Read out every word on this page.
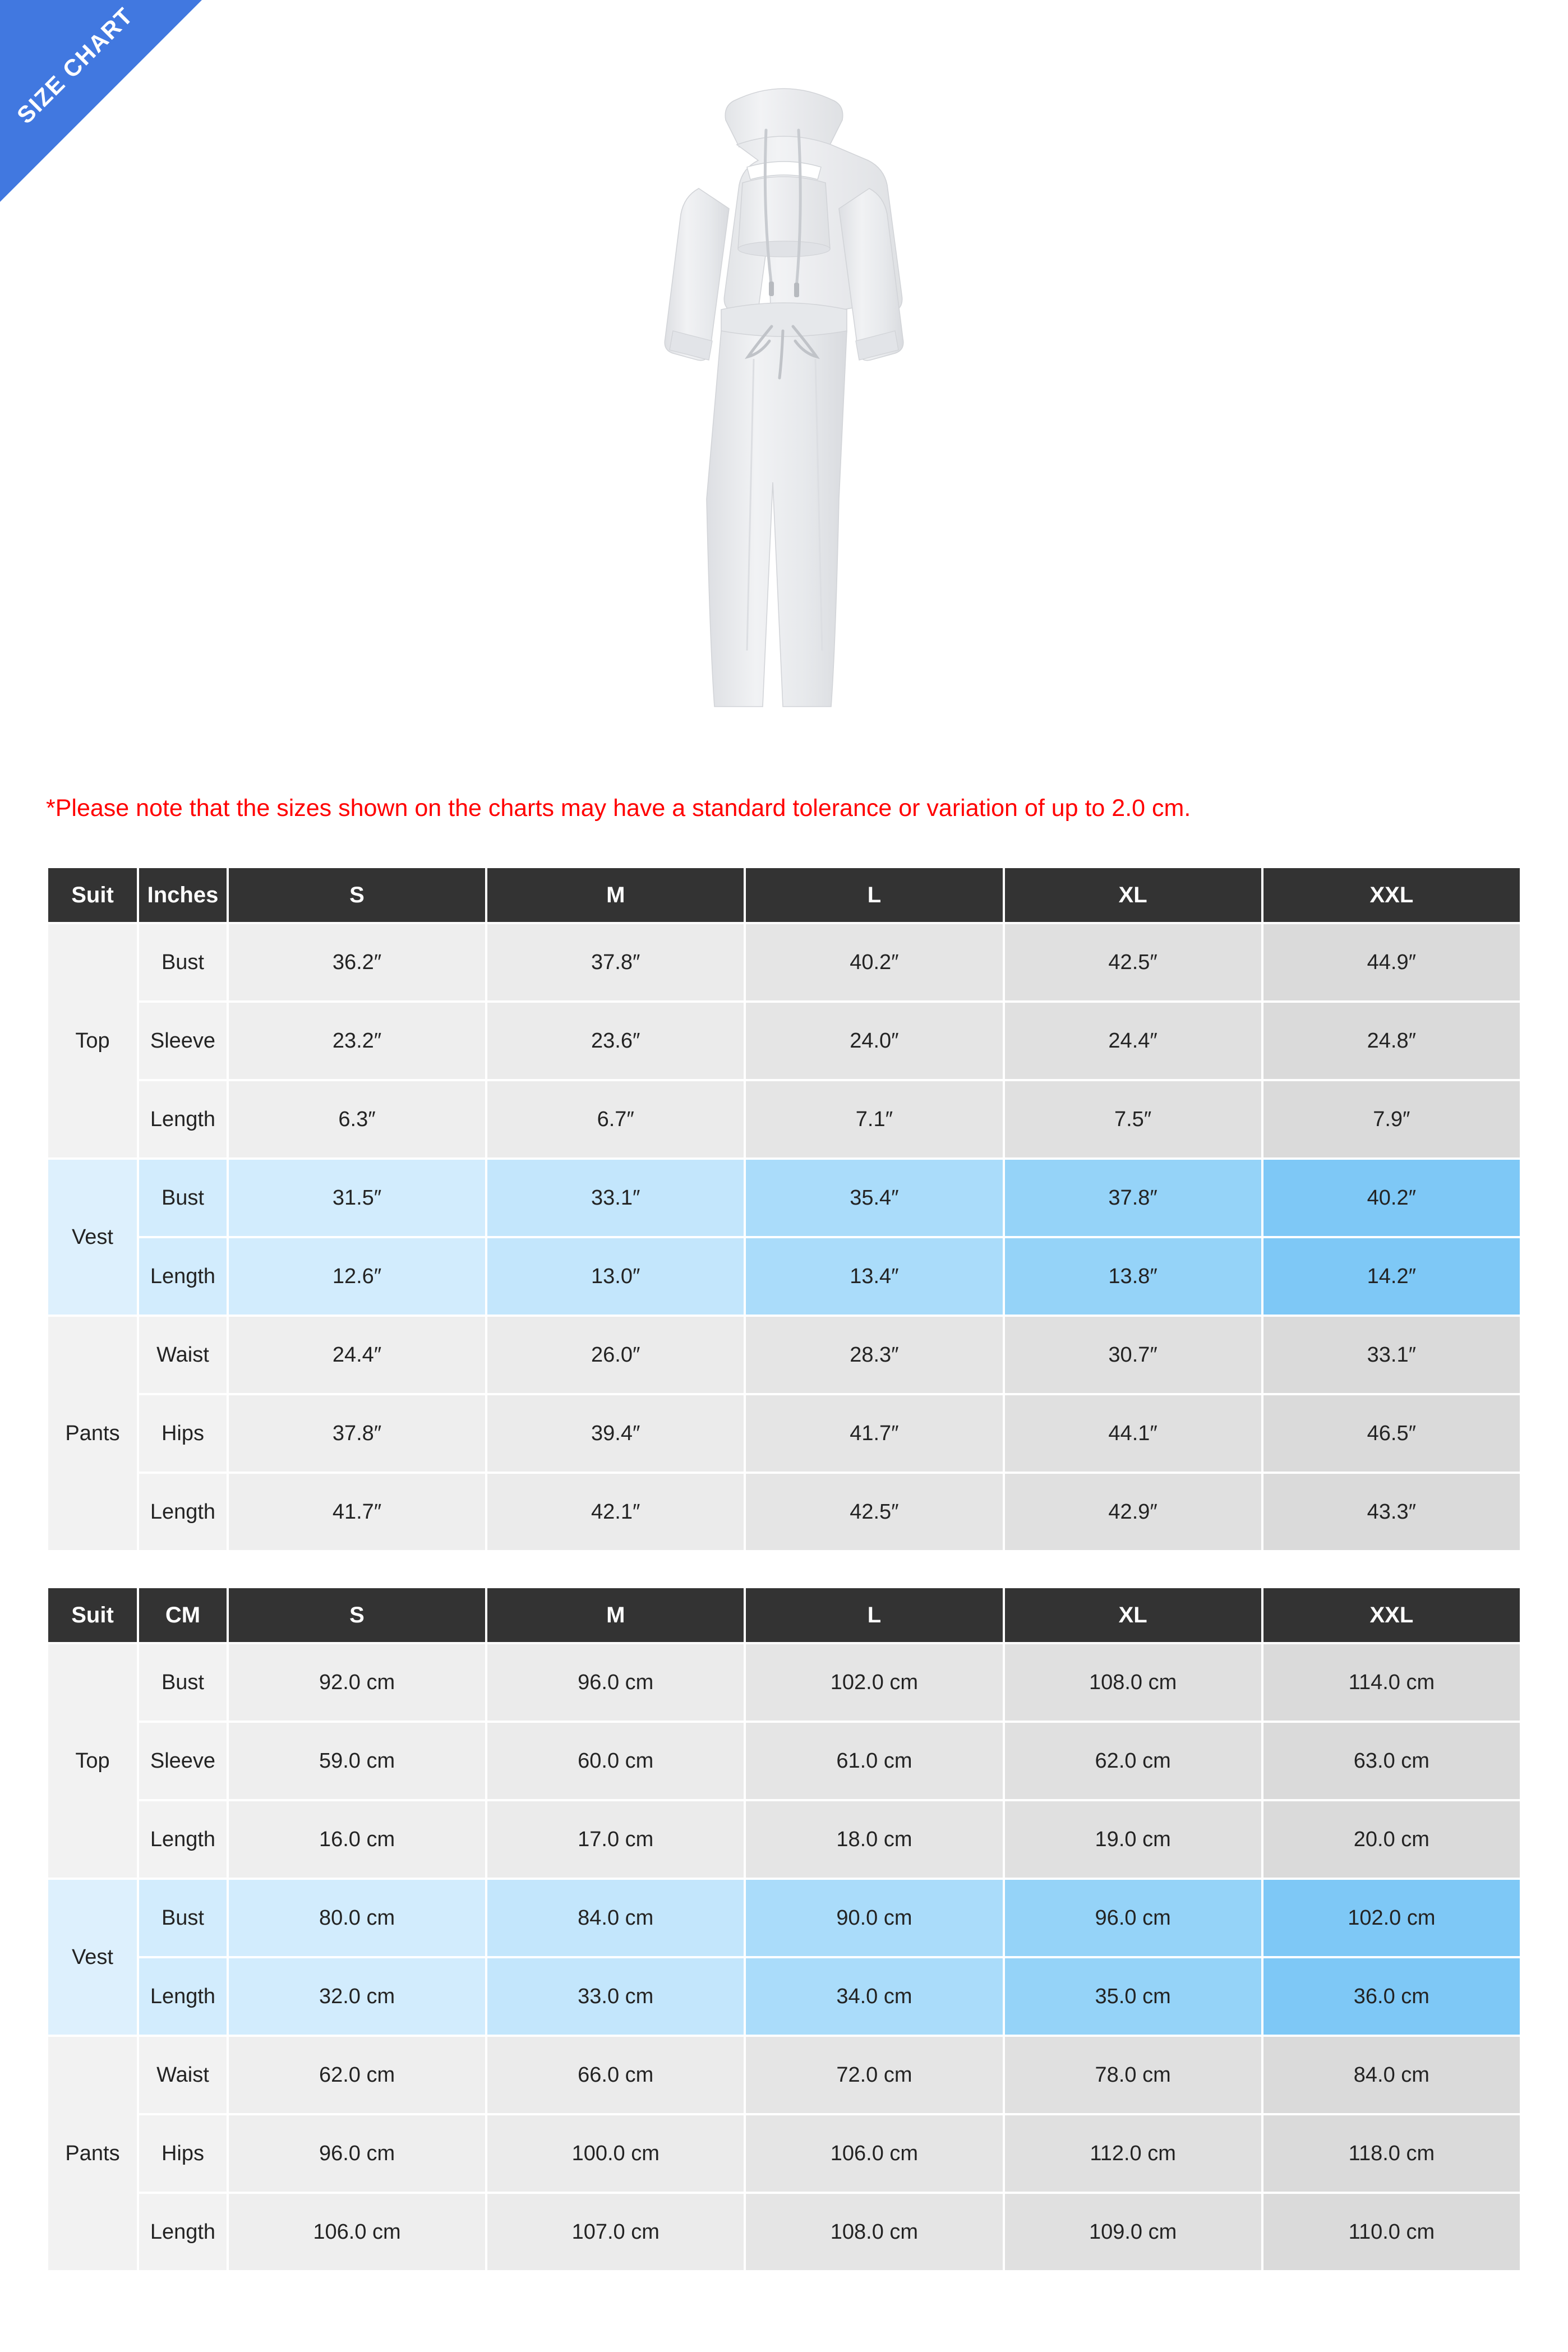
SIZE CHART
*Please note that the sizes shown on the charts may have a standard tolerance or variation of up to 2.0 cm.
Suit	Inches	S	M	L	XL	XXL
Top	Bust	36.2″	37.8″	40.2″	42.5″	44.9″
	Sleeve	23.2″	23.6″	24.0″	24.4″	24.8″
	Length	6.3″	6.7″	7.1″	7.5″	7.9″
Vest	Bust	31.5″	33.1″	35.4″	37.8″	40.2″
	Length	12.6″	13.0″	13.4″	13.8″	14.2″
Pants	Waist	24.4″	26.0″	28.3″	30.7″	33.1″
	Hips	37.8″	39.4″	41.7″	44.1″	46.5″
	Length	41.7″	42.1″	42.5″	42.9″	43.3″
Suit	CM	S	M	L	XL	XXL
Top	Bust	92.0 cm	96.0 cm	102.0 cm	108.0 cm	114.0 cm
	Sleeve	59.0 cm	60.0 cm	61.0 cm	62.0 cm	63.0 cm
	Length	16.0 cm	17.0 cm	18.0 cm	19.0 cm	20.0 cm
Vest	Bust	80.0 cm	84.0 cm	90.0 cm	96.0 cm	102.0 cm
	Length	32.0 cm	33.0 cm	34.0 cm	35.0 cm	36.0 cm
Pants	Waist	62.0 cm	66.0 cm	72.0 cm	78.0 cm	84.0 cm
	Hips	96.0 cm	100.0 cm	106.0 cm	112.0 cm	118.0 cm
	Length	106.0 cm	107.0 cm	108.0 cm	109.0 cm	110.0 cm
